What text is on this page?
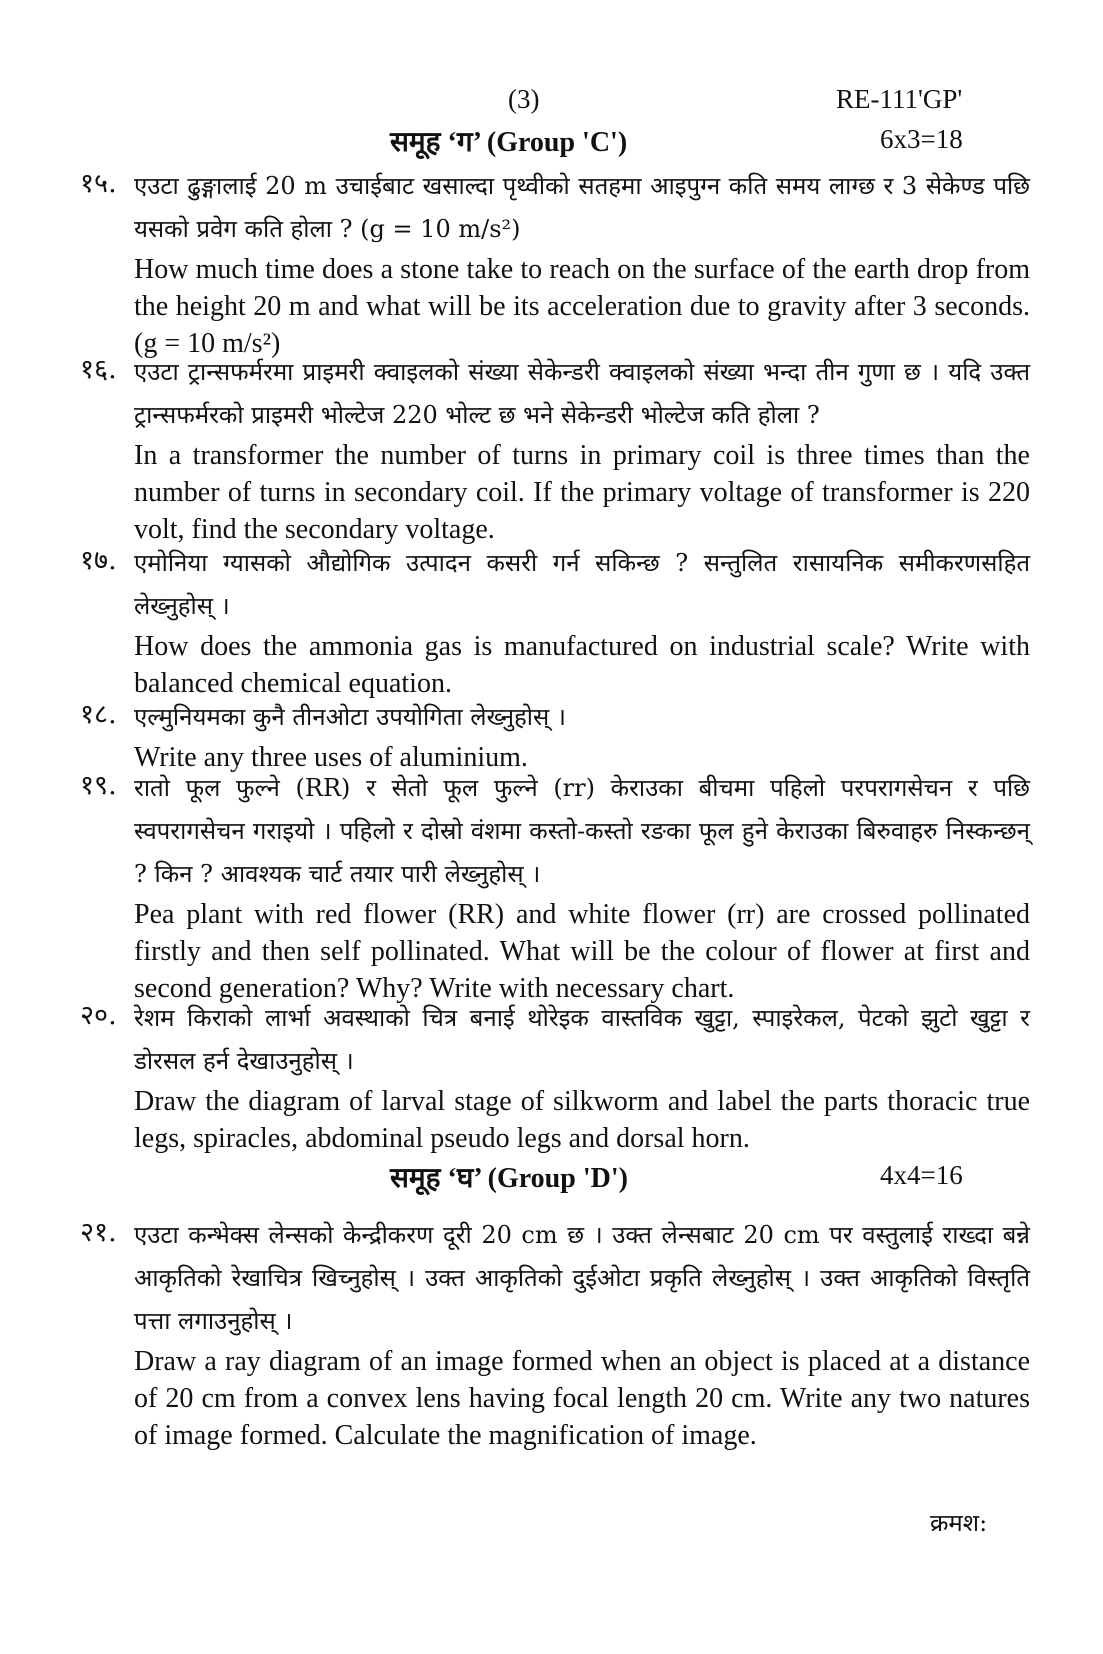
(3)	RE-111'GP'
समूह ‘ग’ (Group 'C')	6x3=18
१५. एउटा ढुङ्गालाई 20 m उचाईबाट खसाल्दा पृथ्वीको सतहमा आइपुग्न कति समय लाग्छ र 3 सेकेण्ड पछि यसको प्रवेग कति होला ? (g = 10 m/s²)
How much time does a stone take to reach on the surface of the earth drop from the height 20 m and what will be its acceleration due to gravity after 3 seconds. (g = 10 m/s²)
१६. एउटा ट्रान्सफर्मरमा प्राइमरी क्वाइलको संख्या सेकेन्डरी क्वाइलको संख्या भन्दा तीन गुणा छ । यदि उक्त ट्रान्सफर्मरको प्राइमरी भोल्टेज 220 भोल्ट छ भने सेकेन्डरी भोल्टेज कति होला ?
In a transformer the number of turns in primary coil is three times than the number of turns in secondary coil. If the primary voltage of transformer is 220 volt, find the secondary voltage.
१७. एमोनिया ग्यासको औद्योगिक उत्पादन कसरी गर्न सकिन्छ ? सन्तुलित रासायनिक समीकरणसहित लेख्नुहोस् ।
How does the ammonia gas is manufactured on industrial scale? Write with balanced chemical equation.
१८. एल्मुनियमका कुनै तीनओटा उपयोगिता लेख्नुहोस् ।
Write any three uses of aluminium.
१९. रातो फूल फुल्ने (RR) र सेतो फूल फुल्ने (rr) केराउका बीचमा पहिलो परपरागसेचन र पछि स्वपरागसेचन गराइयो । पहिलो र दोस्रो वंशमा कस्तो-कस्तो रङका फूल हुने केराउका बिरुवाहरु निस्कन्छन् ? किन ? आवश्यक चार्ट तयार पारी लेख्नुहोस् ।
Pea plant with red flower (RR) and white flower (rr) are crossed pollinated firstly and then self pollinated. What will be the colour of flower at first and second generation? Why? Write with necessary chart.
२०. रेशम किराको लार्भा अवस्थाको चित्र बनाई थोरेइक वास्तविक खुट्टा, स्पाइरेकल, पेटको झुटो खुट्टा र डोरसल हर्न देखाउनुहोस् ।
Draw the diagram of larval stage of silkworm and label the parts thoracic true legs, spiracles, abdominal pseudo legs and dorsal horn.
समूह ‘घ’ (Group 'D')	4x4=16
२१. एउटा कन्भेक्स लेन्सको केन्द्रीकरण दूरी 20 cm छ । उक्त लेन्सबाट 20 cm पर वस्तुलाई राख्दा बन्ने आकृतिको रेखाचित्र खिच्नुहोस् । उक्त आकृतिको दुईओटा प्रकृति लेख्नुहोस् । उक्त आकृतिको विस्तृति पत्ता लगाउनुहोस् ।
Draw a ray diagram of an image formed when an object is placed at a distance of 20 cm from a convex lens having focal length 20 cm. Write any two natures of image formed. Calculate the magnification of image.
क्रमश:
